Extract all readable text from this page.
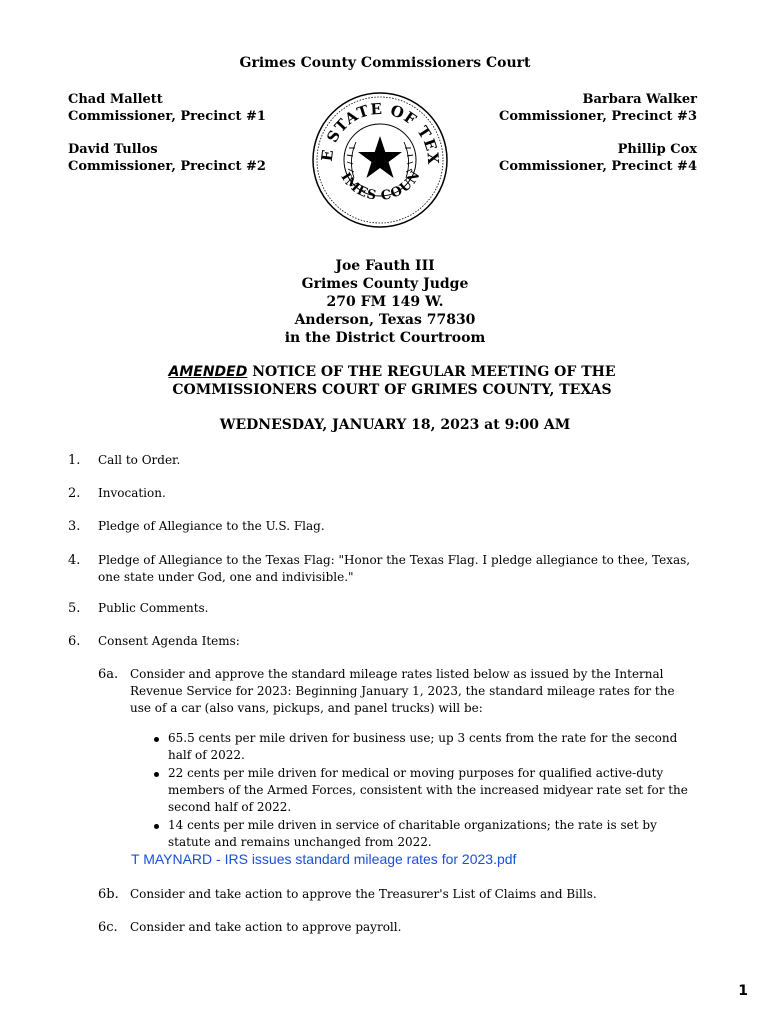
Grimes County Commissioners Court
Chad Mallett
Commissioner, Precinct #1
David Tullos
Commissioner, Precinct #2
Barbara Walker
Commissioner, Precinct #3
Phillip Cox
Commissioner, Precinct #4
E STATE OF TEX
IMES COUN
Joe Fauth III
Grimes County Judge
270 FM 149 W.
Anderson, Texas 77830
in the District Courtroom
AMENDED NOTICE OF THE REGULAR MEETING OF THE
COMMISSIONERS COURT OF GRIMES COUNTY, TEXAS
WEDNESDAY, JANUARY 18, 2023 at 9:00 AM
1. Call to Order.
2. Invocation.
3. Pledge of Allegiance to the U.S. Flag.
4. Pledge of Allegiance to the Texas Flag: "Honor the Texas Flag. I pledge allegiance to thee, Texas, one state under God, one and indivisible."
5. Public Comments.
6. Consent Agenda Items:
6a. Consider and approve the standard mileage rates listed below as issued by the Internal Revenue Service for 2023: Beginning January 1, 2023, the standard mileage rates for the use of a car (also vans, pickups, and panel trucks) will be:
65.5 cents per mile driven for business use; up 3 cents from the rate for the second half of 2022.
22 cents per mile driven for medical or moving purposes for qualified active-duty members of the Armed Forces, consistent with the increased midyear rate set for the second half of 2022.
14 cents per mile driven in service of charitable organizations; the rate is set by statute and remains unchanged from 2022.
T MAYNARD - IRS issues standard mileage rates for 2023.pdf
6b. Consider and take action to approve the Treasurer's List of Claims and Bills.
6c. Consider and take action to approve payroll.
1
